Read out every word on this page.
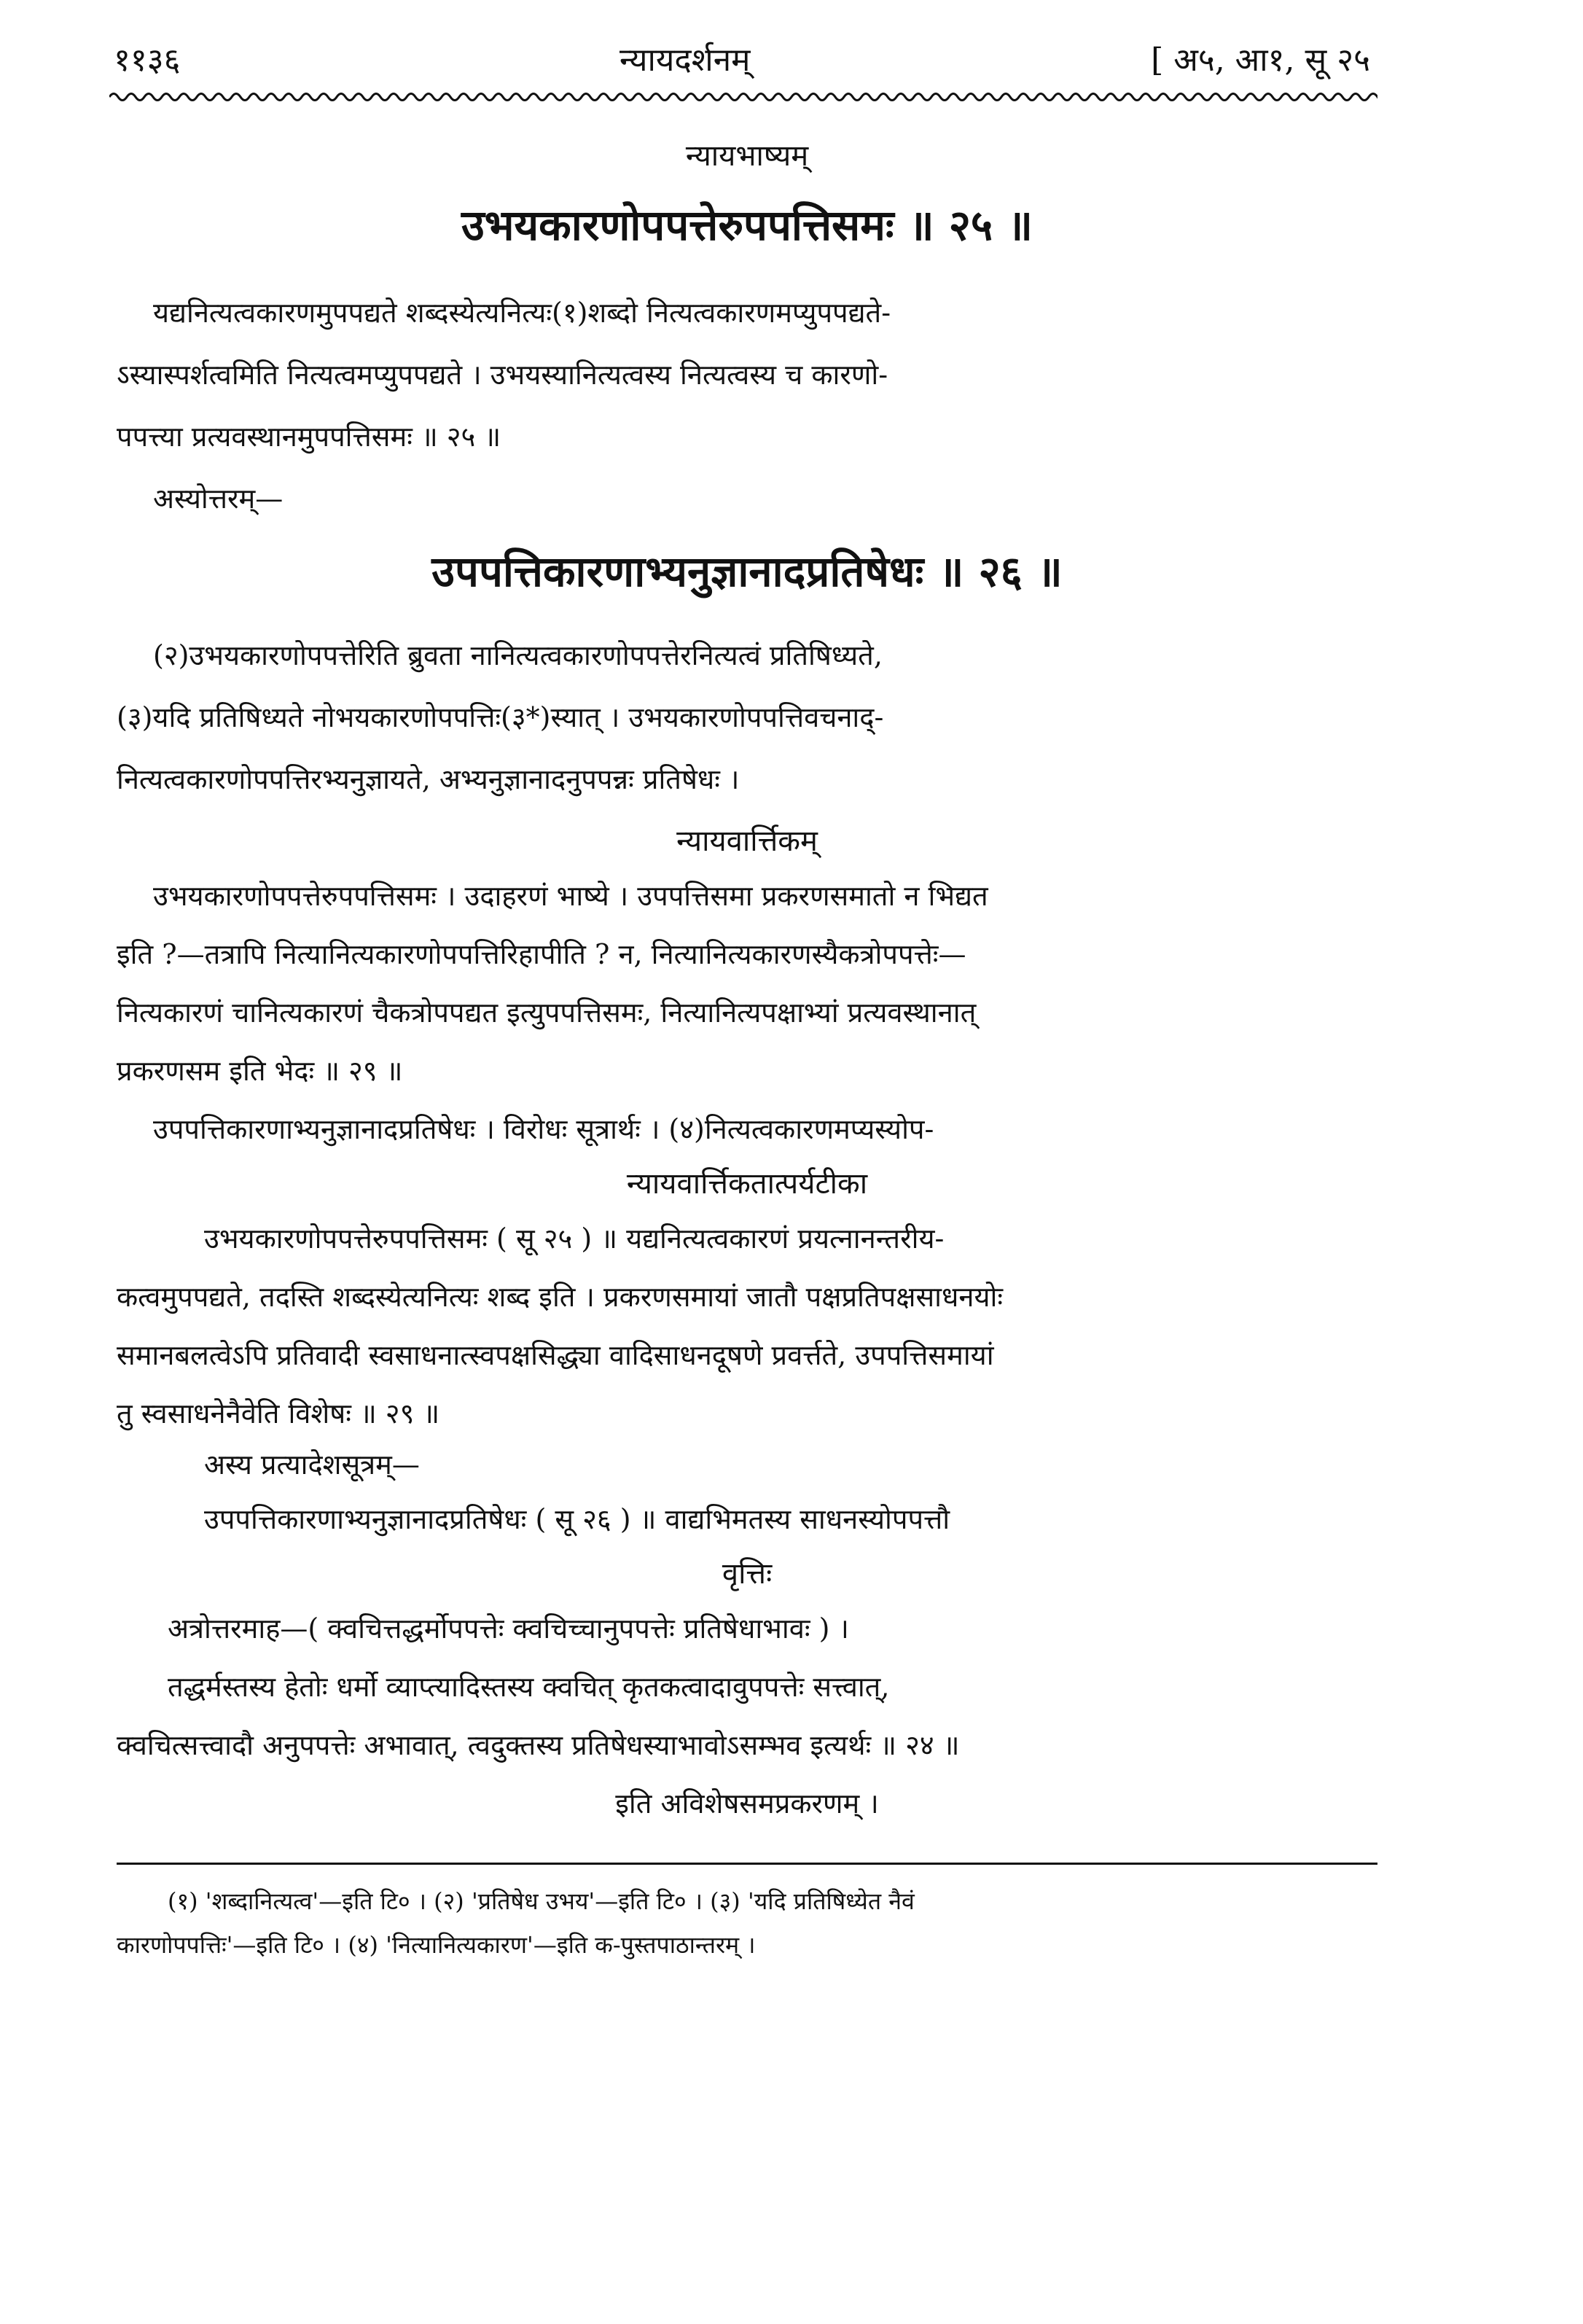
११३६	न्यायदर्शनम्	[ अ५, आ१, सू २५
न्यायभाष्यम्
उभयकारणोपपत्तेरुपपत्तिसमः ॥ २५ ॥
यद्यनित्यत्वकारणमुपपद्यते शब्दस्येत्यनित्यः(१)शब्दो नित्यत्वकारणमप्युपपद्यते-
ऽस्यास्पर्शत्वमिति नित्यत्वमप्युपपद्यते । उभयस्यानित्यत्वस्य नित्यत्वस्य च कारणो-
पपत्त्या प्रत्यवस्थानमुपपत्तिसमः ॥ २५ ॥
अस्योत्तरम्—
उपपत्तिकारणाभ्यनुज्ञानादप्रतिषेधः ॥ २६ ॥
(२)उभयकारणोपपत्तेरिति ब्रुवता नानित्यत्वकारणोपपत्तेरनित्यत्वं प्रतिषिध्यते,
(३)यदि प्रतिषिध्यते नोभयकारणोपपत्तिः(३*)स्यात् । उभयकारणोपपत्तिवचनाद्-
नित्यत्वकारणोपपत्तिरभ्यनुज्ञायते, अभ्यनुज्ञानादनुपपन्नः प्रतिषेधः ।
न्यायवार्त्तिकम्
उभयकारणोपपत्तेरुपपत्तिसमः । उदाहरणं भाष्ये । उपपत्तिसमा प्रकरणसमातो न भिद्यत
इति ?—तत्रापि नित्यानित्यकारणोपपत्तिरिहापीति ? न, नित्यानित्यकारणस्यैकत्रोपपत्तेः—
नित्यकारणं चानित्यकारणं चैकत्रोपपद्यत इत्युपपत्तिसमः, नित्यानित्यपक्षाभ्यां प्रत्यवस्थानात्
प्रकरणसम इति भेदः ॥ २९ ॥
उपपत्तिकारणाभ्यनुज्ञानादप्रतिषेधः । विरोधः सूत्रार्थः । (४)नित्यत्वकारणमप्यस्योप-
न्यायवार्त्तिकतात्पर्यटीका
उभयकारणोपपत्तेरुपपत्तिसमः ( सू २५ ) ॥ यद्यनित्यत्वकारणं प्रयत्नानन्तरीय-
कत्वमुपपद्यते, तदस्ति शब्दस्येत्यनित्यः शब्द इति । प्रकरणसमायां जातौ पक्षप्रतिपक्षसाधनयोः
समानबलत्वेऽपि प्रतिवादी स्वसाधनात्स्वपक्षसिद्ध्या वादिसाधनदूषणे प्रवर्त्तते, उपपत्तिसमायां
तु स्वसाधनेनैवेति विशेषः ॥ २९ ॥
अस्य प्रत्यादेशसूत्रम्—
उपपत्तिकारणाभ्यनुज्ञानादप्रतिषेधः ( सू २६ ) ॥ वाद्यभिमतस्य साधनस्योपपत्तौ
वृत्तिः
अत्रोत्तरमाह—( क्वचित्तद्धर्मोपपत्तेः क्वचिच्चानुपपत्तेः प्रतिषेधाभावः ) ।
तद्धर्मस्तस्य हेतोः धर्मो व्याप्त्यादिस्तस्य क्वचित् कृतकत्वादावुपपत्तेः सत्त्वात्,
क्वचित्सत्त्वादौ अनुपपत्तेः अभावात्, त्वदुक्तस्य प्रतिषेधस्याभावोऽसम्भव इत्यर्थः ॥ २४ ॥
इति अविशेषसमप्रकरणम् ।
(१) 'शब्दानित्यत्व'—इति टि० । (२) 'प्रतिषेध उभय'—इति टि० । (३) 'यदि प्रतिषिध्येत नैवं
कारणोपपत्तिः'—इति टि० । (४) 'नित्यानित्यकारण'—इति क-पुस्तपाठान्तरम् ।
